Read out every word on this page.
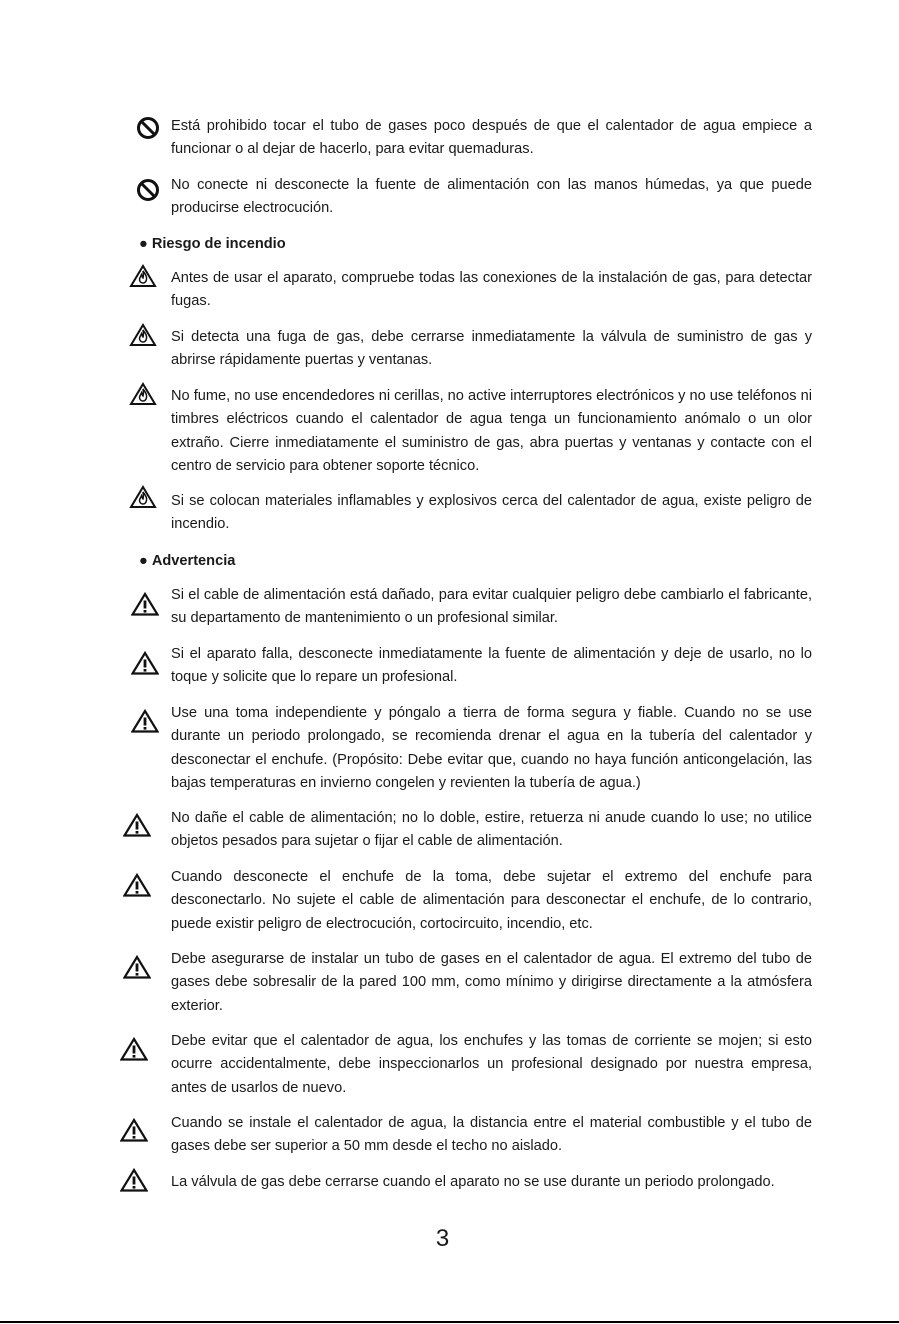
Está prohibido tocar el tubo de gases poco después de que el calentador de agua empiece a funcionar o al dejar de hacerlo, para evitar quemaduras.
No conecte ni desconecte la fuente de alimentación con las manos húmedas, ya que puede producirse electrocución.
● Riesgo de incendio
Antes de usar el aparato, compruebe todas las conexiones de la instalación de gas, para detectar fugas.
Si detecta una fuga de gas, debe cerrarse inmediatamente la válvula de suministro de gas y abrirse rápidamente puertas y ventanas.
No fume, no use encendedores ni cerillas, no active interruptores electrónicos y no use teléfonos ni timbres eléctricos cuando el calentador de agua tenga un funcionamiento anómalo o un olor extraño. Cierre inmediatamente el suministro de gas, abra puertas y ventanas y contacte con el centro de servicio para obtener soporte técnico.
Si se colocan materiales inflamables y explosivos cerca del calentador de agua, existe peligro de incendio.
● Advertencia
Si el cable de alimentación está dañado, para evitar cualquier peligro debe cambiarlo el fabricante, su departamento de mantenimiento o un profesional similar.
Si el aparato falla, desconecte inmediatamente la fuente de alimentación y deje de usarlo, no lo toque y solicite que lo repare un profesional.
Use una toma independiente y póngalo a tierra de forma segura y fiable. Cuando no se use durante un periodo prolongado, se recomienda drenar el agua en la tubería del calentador y desconectar el enchufe. (Propósito: Debe evitar que, cuando no haya función anticongelación, las bajas temperaturas en invierno congelen y revienten la tubería de agua.)
No dañe el cable de alimentación; no lo doble, estire, retuerza ni anude cuando lo use; no utilice objetos pesados para sujetar o fijar el cable de alimentación.
Cuando desconecte el enchufe de la toma, debe sujetar el extremo del enchufe para desconectarlo. No sujete el cable de alimentación para desconectar el enchufe, de lo contrario, puede existir peligro de electrocución, cortocircuito, incendio, etc.
Debe asegurarse de instalar un tubo de gases en el calentador de agua. El extremo del tubo de gases debe sobresalir de la pared 100 mm, como mínimo y dirigirse directamente a la atmósfera exterior.
Debe evitar que el calentador de agua, los enchufes y las tomas de corriente se mojen; si esto ocurre accidentalmente, debe inspeccionarlos un profesional designado por nuestra empresa, antes de usarlos de nuevo.
Cuando se instale el calentador de agua, la distancia entre el material combustible y el tubo de gases debe ser superior a 50 mm desde el techo no aislado.
La válvula de gas debe cerrarse cuando el aparato no se use durante un periodo prolongado.
3
